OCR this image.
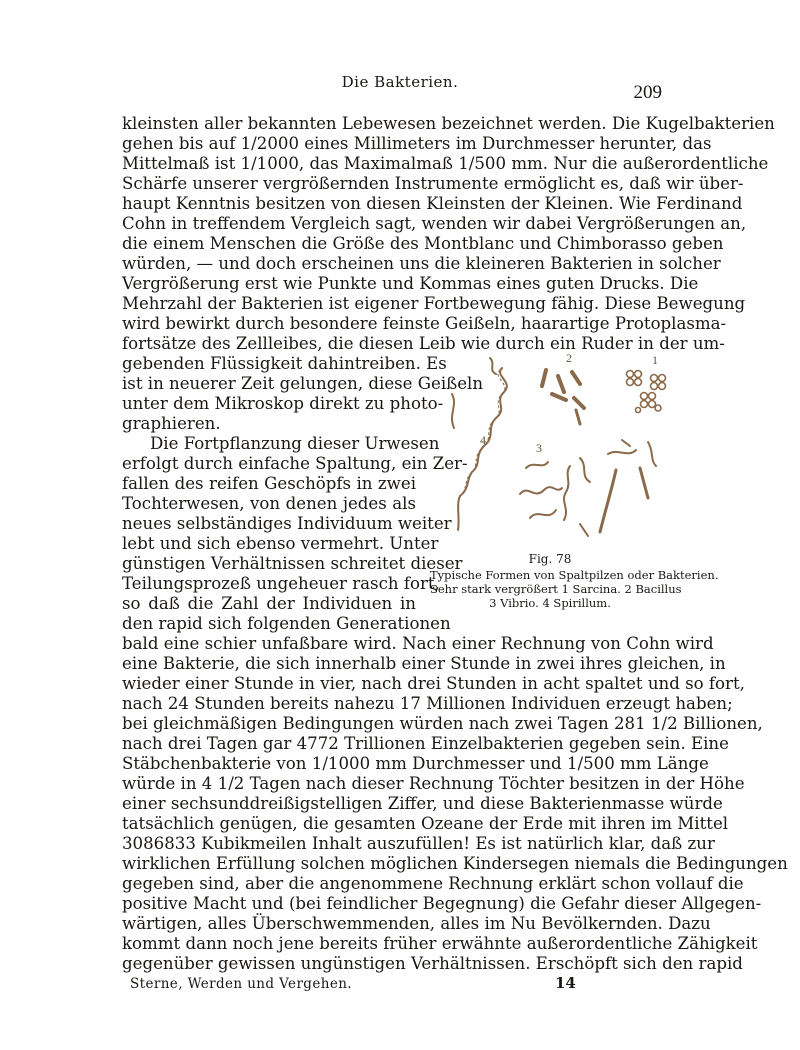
Die Bakterien.	209
kleinsten aller bekannten Lebewesen bezeichnet werden. Die Kugelbakterien
gehen bis auf 1/2000 eines Millimeters im Durchmesser herunter, das
Mittelmaß ist 1/1000, das Maximalmaß 1/500 mm. Nur die außerordentliche
Schärfe unserer vergrößernden Instrumente ermöglicht es, daß wir über-
haupt Kenntnis besitzen von diesen Kleinsten der Kleinen. Wie Ferdinand
Cohn in treffendem Vergleich sagt, wenden wir dabei Vergrößerungen an,
die einem Menschen die Größe des Montblanc und Chimborasso geben
würden, — und doch erscheinen uns die kleineren Bakterien in solcher
Vergrößerung erst wie Punkte und Kommas eines guten Drucks. Die
Mehrzahl der Bakterien ist eigener Fortbewegung fähig. Diese Bewegung
wird bewirkt durch besondere feinste Geißeln, haarartige Protoplasma-
fortsätze des Zellleibes, die diesen Leib wie durch ein Ruder in der um-
gebenden Flüssigkeit dahintreiben. Es
ist in neuerer Zeit gelungen, diese Geißeln
unter dem Mikroskop direkt zu photo-
graphieren.
Die Fortpflanzung dieser Urwesen
erfolgt durch einfache Spaltung, ein Zer-
fallen des reifen Geschöpfs in zwei
Tochterwesen, von denen jedes als
neues selbständiges Individuum weiter
lebt und sich ebenso vermehrt. Unter
günstigen Verhältnissen schreitet dieser
Teilungsprozeß ungeheuer rasch fort,
so daß die Zahl der Individuen in
den rapid sich folgenden Generationen
2	1
3
4
Fig. 78
Typische Formen von Spaltpilzen oder Bakterien.
Sehr stark vergrößert 1 Sarcina. 2 Bacillus
3 Vibrio. 4 Spirillum.
bald eine schier unfaßbare wird. Nach einer Rechnung von Cohn wird
eine Bakterie, die sich innerhalb einer Stunde in zwei ihres gleichen, in
wieder einer Stunde in vier, nach drei Stunden in acht spaltet und so fort,
nach 24 Stunden bereits nahezu 17 Millionen Individuen erzeugt haben;
bei gleichmäßigen Bedingungen würden nach zwei Tagen 281 1/2 Billionen,
nach drei Tagen gar 4772 Trillionen Einzelbakterien gegeben sein. Eine
Stäbchenbakterie von 1/1000 mm Durchmesser und 1/500 mm Länge
würde in 4 1/2 Tagen nach dieser Rechnung Töchter besitzen in der Höhe
einer sechsunddreißigstelligen Ziffer, und diese Bakterienmasse würde
tatsächlich genügen, die gesamten Ozeane der Erde mit ihren im Mittel
3086833 Kubikmeilen Inhalt auszufüllen! Es ist natürlich klar, daß zur
wirklichen Erfüllung solchen möglichen Kindersegen niemals die Bedingungen
gegeben sind, aber die angenommene Rechnung erklärt schon vollauf die
positive Macht und (bei feindlicher Begegnung) die Gefahr dieser Allgegen-
wärtigen, alles Überschwemmenden, alles im Nu Bevölkernden. Dazu
kommt dann noch jene bereits früher erwähnte außerordentliche Zähigkeit
gegenüber gewissen ungünstigen Verhältnissen. Erschöpft sich den rapid
Sterne, Werden und Vergehen.	14
